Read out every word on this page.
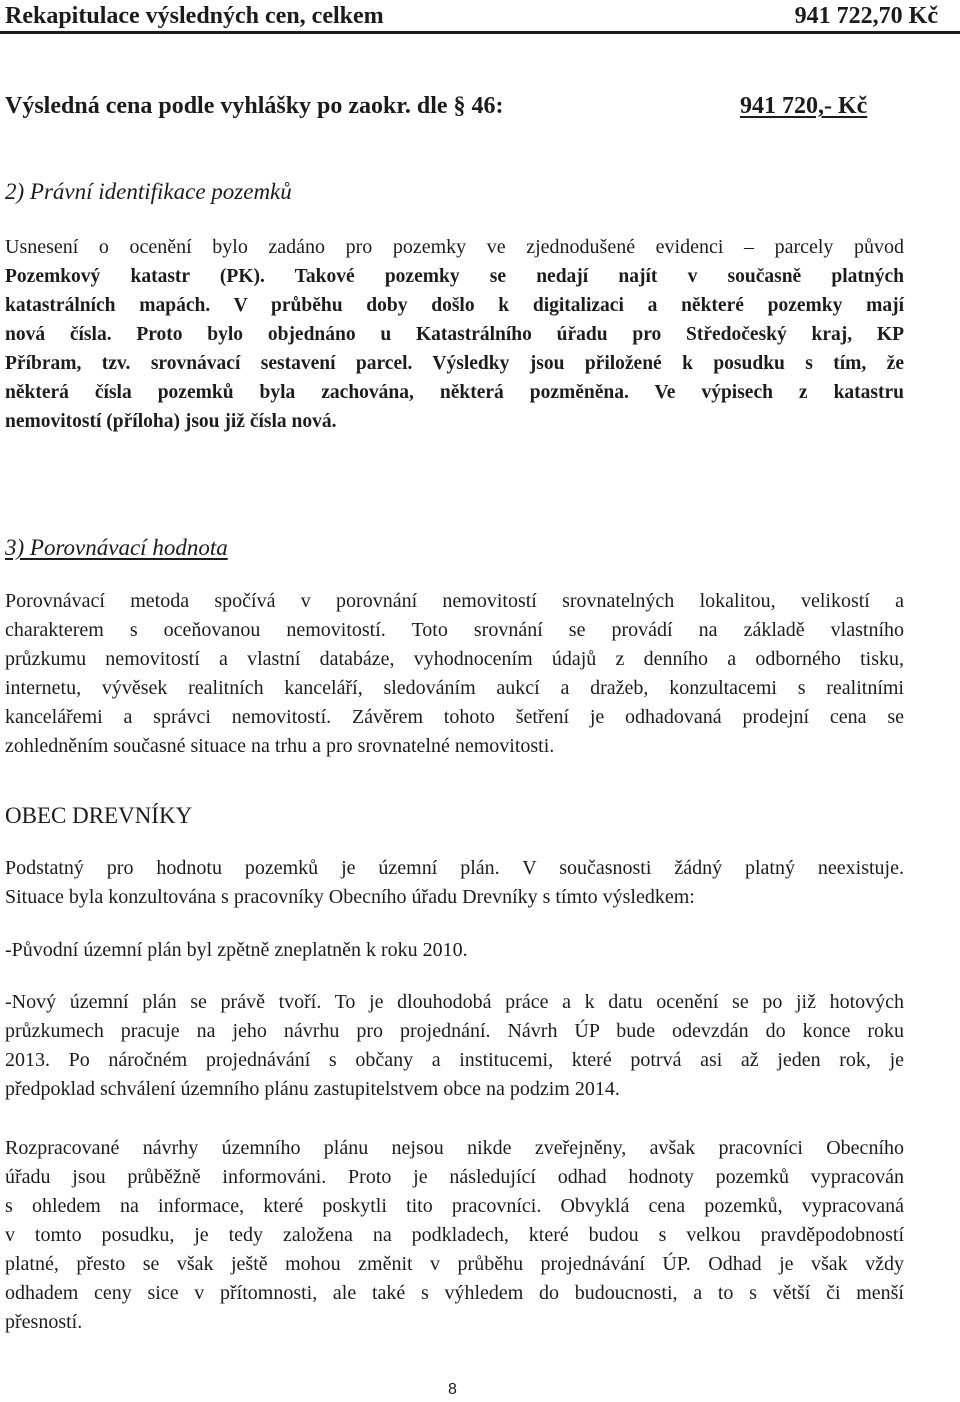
Rekapitulace výsledných cen, celkem	941 722,70 Kč
Výsledná cena podle vyhlášky po zaokr. dle § 46:	941 720,- Kč
2) Právní identifikace pozemků
Usnesení o ocenění bylo zadáno pro pozemky ve zjednodušené evidenci – parcely původ
Pozemkový katastr (PK). Takové pozemky se nedají najít v současně platných
katastrálních mapách. V průběhu doby došlo k digitalizaci a některé pozemky mají
nová čísla. Proto bylo objednáno u Katastrálního úřadu pro Středočeský kraj, KP
Příbram, tzv. srovnávací sestavení parcel. Výsledky jsou přiložené k posudku s tím, že
některá čísla pozemků byla zachována, některá pozměněna. Ve výpisech z katastru
nemovitostí (příloha) jsou již čísla nová.
3) Porovnávací hodnota
Porovnávací metoda spočívá v porovnání nemovitostí srovnatelných lokalitou, velikostí a
charakterem s oceňovanou nemovitostí. Toto srovnání se provádí na základě vlastního
průzkumu nemovitostí a vlastní databáze, vyhodnocením údajů z denního a odborného tisku,
internetu, vývěsek realitních kanceláří, sledováním aukcí a dražeb, konzultacemi s realitními
kancelářemi a správci nemovitostí. Závěrem tohoto šetření je odhadovaná prodejní cena se
zohledněním současné situace na trhu a pro srovnatelné nemovitosti.
OBEC DREVNÍKY
Podstatný pro hodnotu pozemků je územní plán. V současnosti žádný platný neexistuje.
Situace byla konzultována s pracovníky Obecního úřadu Drevníky s tímto výsledkem:
-Původní územní plán byl zpětně zneplatněn k roku 2010.
-Nový územní plán se právě tvoří. To je dlouhodobá práce a k datu ocenění se po již hotových
průzkumech pracuje na jeho návrhu pro projednání. Návrh ÚP bude odevzdán do konce roku
2013. Po náročném projednávání s občany a institucemi, které potrvá asi až jeden rok, je
předpoklad schválení územního plánu zastupitelstvem obce na podzim 2014.
Rozpracované návrhy územního plánu nejsou nikde zveřejněny, avšak pracovníci Obecního
úřadu jsou průběžně informováni. Proto je následující odhad hodnoty pozemků vypracován
s ohledem na informace, které poskytli tito pracovníci. Obvyklá cena pozemků, vypracovaná
v tomto posudku, je tedy založena na podkladech, které budou s velkou pravděpodobností
platné, přesto se však ještě mohou změnit v průběhu projednávání ÚP. Odhad je však vždy
odhadem ceny sice v přítomnosti, ale také s výhledem do budoucnosti, a to s větší či menší
přesností.
8
